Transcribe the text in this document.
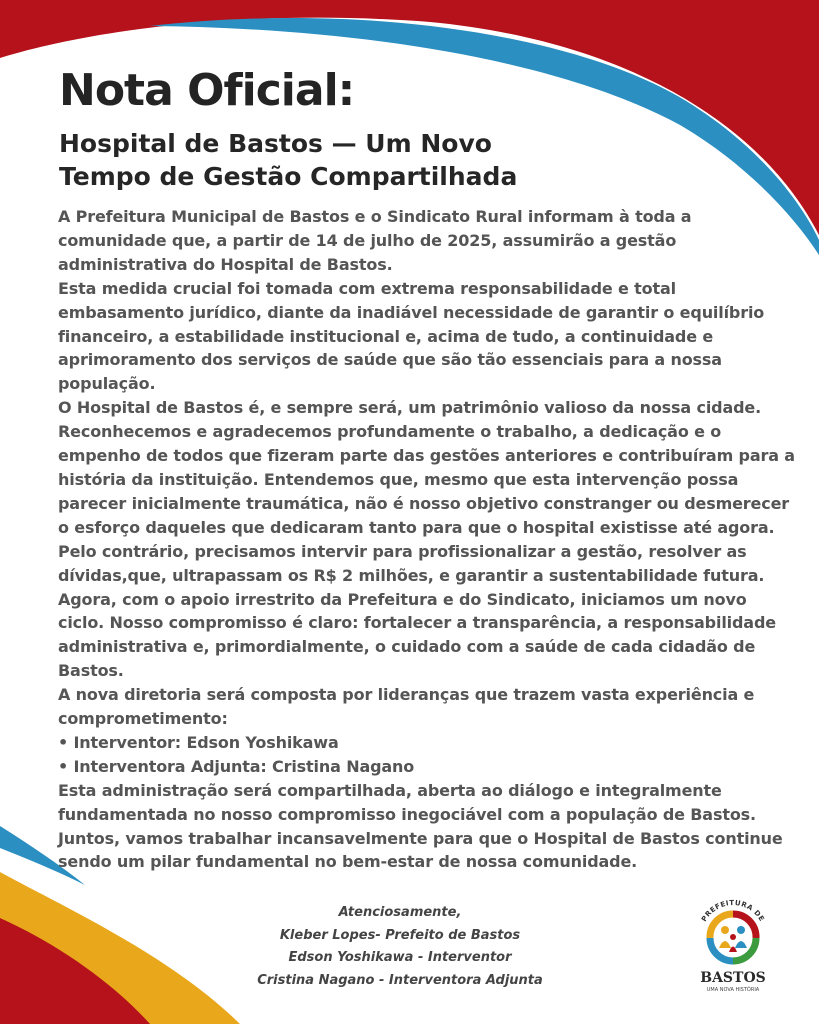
Nota Oficial:
Hospital de Bastos — Um Novo
Tempo de Gestão Compartilhada

A Prefeitura Municipal de Bastos e o Sindicato Rural informam à toda a comunidade que, a partir de 14 de julho de 2025, assumirão a gestão administrativa do Hospital de Bastos.

Esta medida crucial foi tomada com extrema responsabilidade e total embasamento jurídico, diante da inadiável necessidade de garantir o equilíbrio financeiro, a estabilidade institucional e, acima de tudo, a continuidade e aprimoramento dos serviços de saúde que são tão essenciais para a nossa população.

O Hospital de Bastos é, e sempre será, um patrimônio valioso da nossa cidade. Reconhecemos e agradecemos profundamente o trabalho, a dedicação e o empenho de todos que fizeram parte das gestões anteriores e contribuíram para a história da instituição. Entendemos que, mesmo que esta intervenção possa parecer inicialmente traumática, não é nosso objetivo constranger ou desmerecer o esforço daqueles que dedicaram tanto para que o hospital existisse até agora. Pelo contrário, precisamos intervir para profissionalizar a gestão, resolver as dívidas,que, ultrapassam os R$ 2 milhões, e garantir a sustentabilidade futura.

Agora, com o apoio irrestrito da Prefeitura e do Sindicato, iniciamos um novo ciclo. Nosso compromisso é claro: fortalecer a transparência, a responsabilidade administrativa e, primordialmente, o cuidado com a saúde de cada cidadão de Bastos.

A nova diretoria será composta por lideranças que trazem vasta experiência e comprometimento:

• Interventor: Edson Yoshikawa

• Interventora Adjunta: Cristina Nagano

Esta administração será compartilhada, aberta ao diálogo e integralmente fundamentada no nosso compromisso inegociável com a população de Bastos. Juntos, vamos trabalhar incansavelmente para que o Hospital de Bastos continue sendo um pilar fundamental no bem-estar de nossa comunidade.

Atenciosamente,
Kleber Lopes- Prefeito de Bastos
Edson Yoshikawa - Interventor
Cristina Nagano - Interventora Adjunta
PREFEITURA DE
BASTOS
UMA NOVA HISTÓRIA
